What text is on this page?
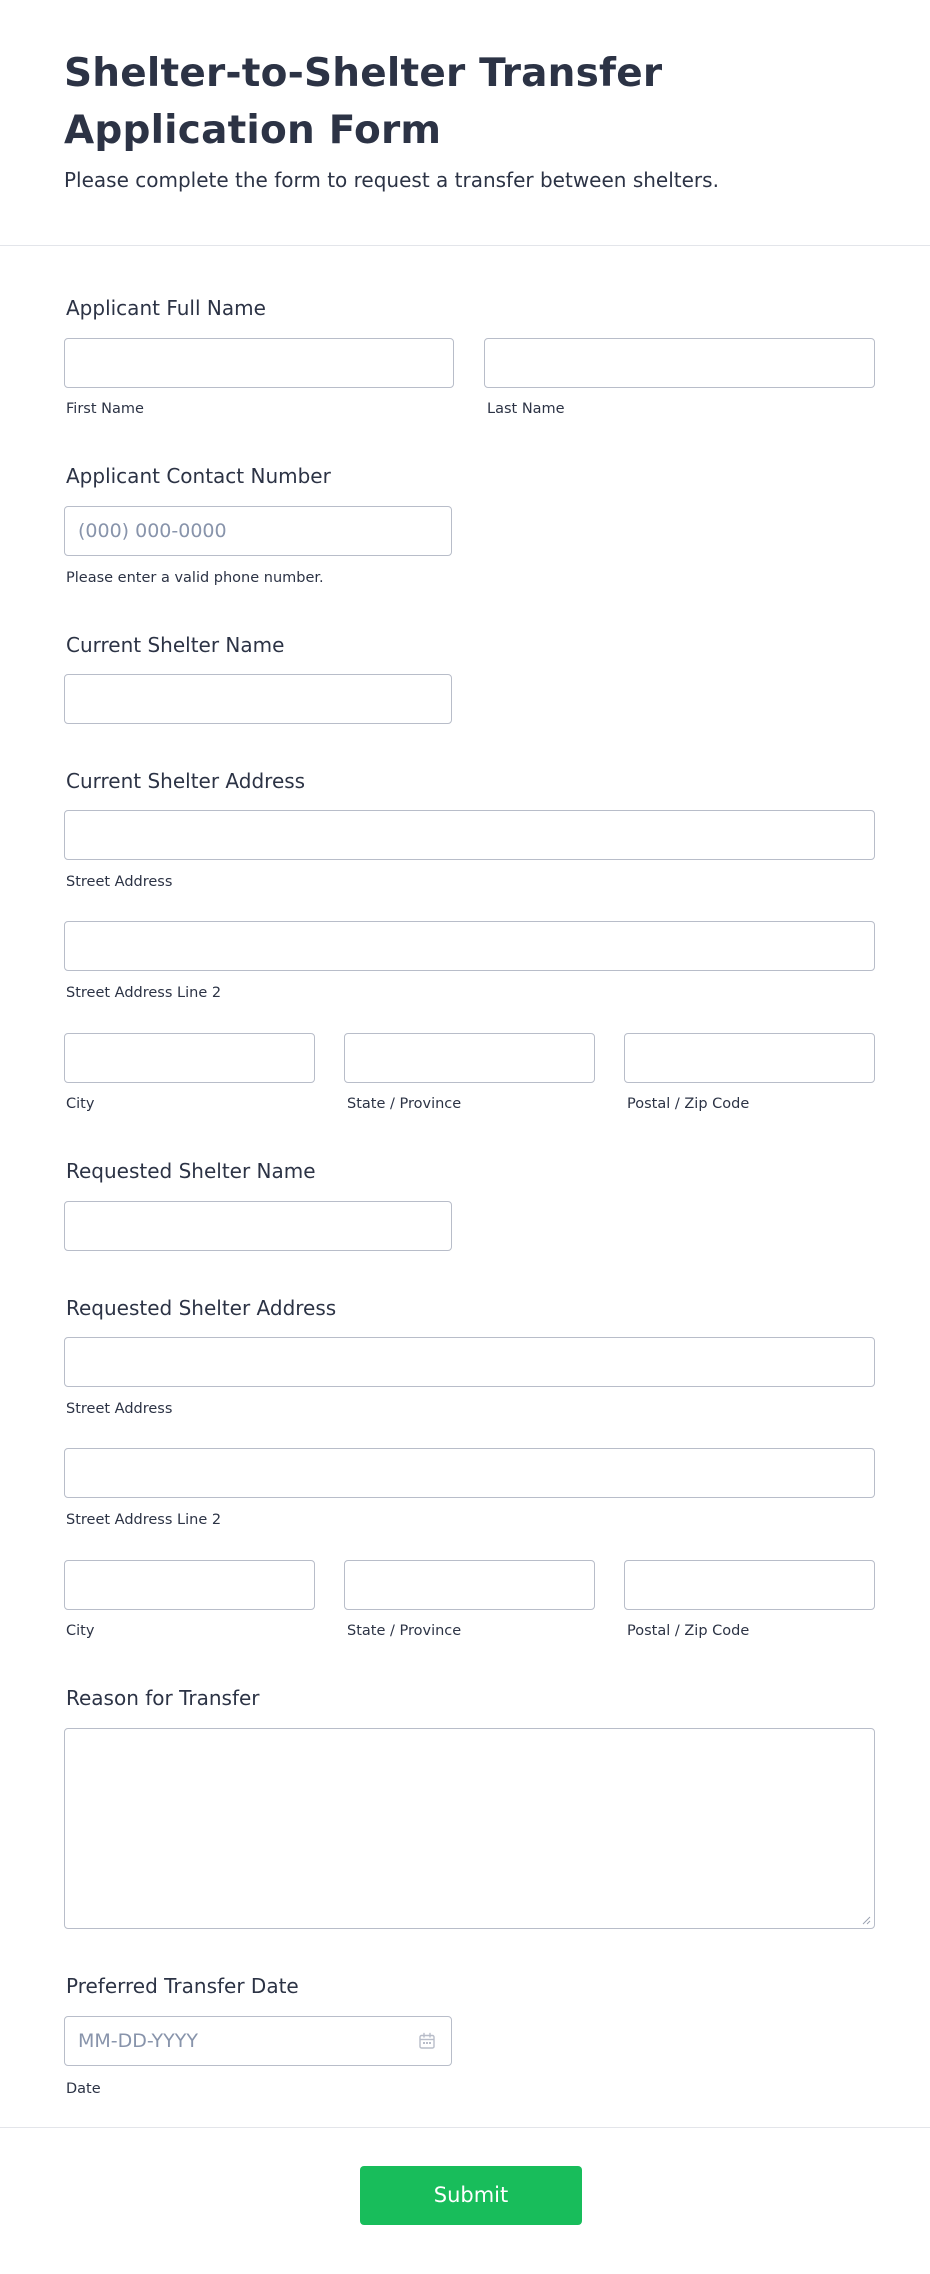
Shelter-to-Shelter Transfer Application Form
Please complete the form to request a transfer between shelters.
Applicant Full Name
First Name	Last Name
Applicant Contact Number
(000) 000-0000
Please enter a valid phone number.
Current Shelter Name
Current Shelter Address
Street Address
Street Address Line 2
City	State / Province	Postal / Zip Code
Requested Shelter Name
Requested Shelter Address
Street Address
Street Address Line 2
City	State / Province	Postal / Zip Code
Reason for Transfer
Preferred Transfer Date
MM-DD-YYYY
Date
Submit
